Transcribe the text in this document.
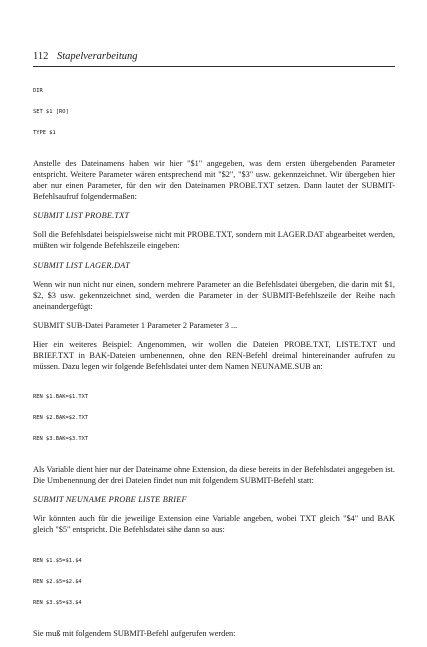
112 Stapelverarbeitung

DIR

SET $1 [RO]

TYPE $1

Anstelle des Dateinamens haben wir hier "$1" angegeben, was dem ersten übergebenden Parameter entspricht. Weitere Parameter wären entsprechend mit "$2", "$3" usw. gekennzeichnet. Wir übergeben hier aber nur einen Parameter, für den wir den Dateinamen PROBE.TXT setzen. Dann lautet der SUBMIT-Befehlsaufruf folgendermaßen:

SUBMIT LIST PROBE.TXT

Soll die Befehlsdatei beispielsweise nicht mit PROBE.TXT, sondern mit LAGER.DAT abgearbeitet werden, müßten wir folgende Befehlszeile eingeben:

SUBMIT LIST LAGER.DAT

Wenn wir nun nicht nur einen, sondern mehrere Parameter an die Befehlsdatei übergeben, die darin mit $1, $2, $3 usw. gekennzeichnet sind, werden die Parameter in der SUBMIT-Befehlszeile der Reihe nach aneinandergefügt:

SUBMIT SUB-Datei Parameter 1 Parameter 2 Parameter 3 ...

Hier ein weiteres Beispiel: Angenommen, wir wollen die Dateien PROBE.TXT, LISTE.TXT und BRIEF.TXT in BAK-Dateien umbenennen, ohne den REN-Befehl dreimal hintereinander aufrufen zu müssen. Dazu legen wir folgende Befehlsdatei unter dem Namen NEUNAME.SUB an:

REN $1.BAK=$1.TXT

REN $2.BAK=$2.TXT

REN $3.BAK=$3.TXT

Als Variable dient hier nur der Dateiname ohne Extension, da diese bereits in der Befehlsdatei angegeben ist. Die Umbenennung der drei Dateien findet nun mit folgendem SUBMIT-Befehl statt:

SUBMIT NEUNAME PROBE LISTE BRIEF

Wir könnten auch für die jeweilige Extension eine Variable angeben, wobei TXT gleich "$4" und BAK gleich "$5" entspricht. Die Befehlsdatei sähe dann so aus:

REN $1.$5=$1.$4

REN $2.$5=$2.$4

REN $3.$5=$3.$4

Sie muß mit folgendem SUBMIT-Befehl aufgerufen werden:
